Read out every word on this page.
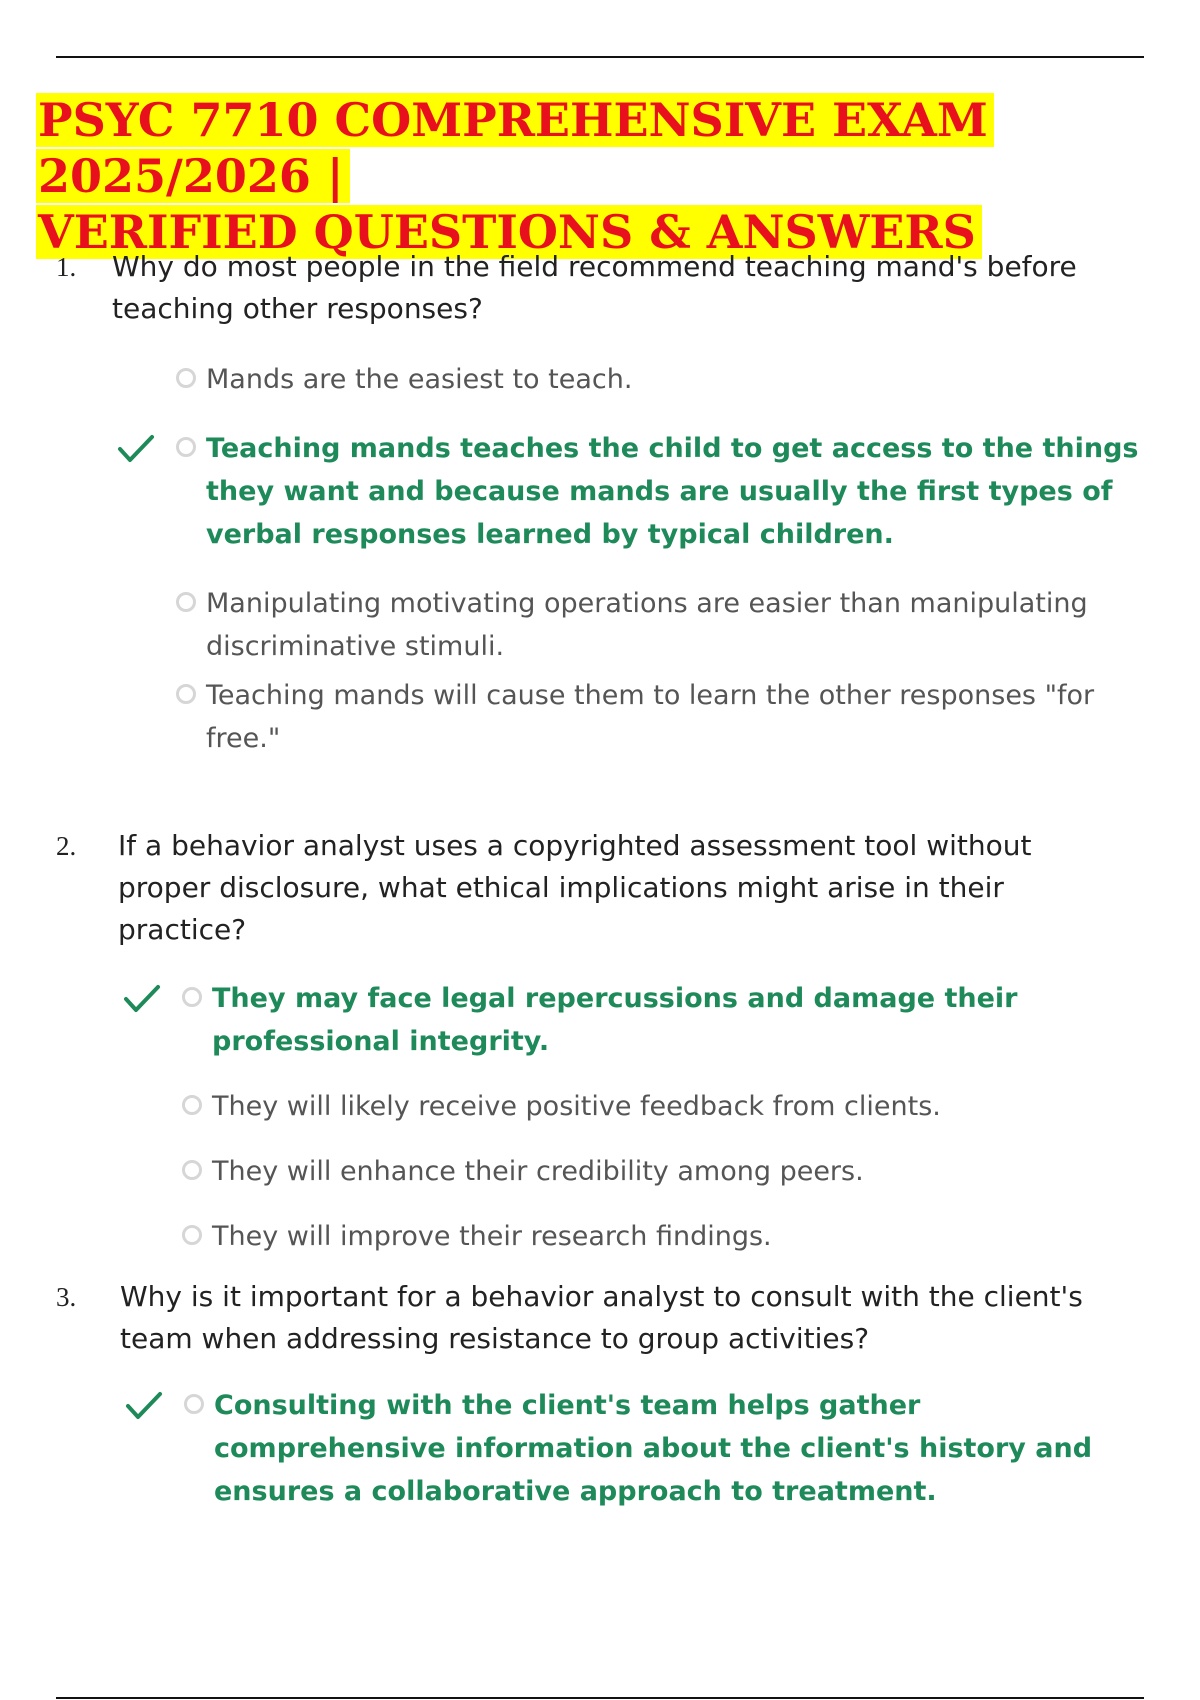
PSYC 7710 COMPREHENSIVE EXAM 2025/2026 |
VERIFIED QUESTIONS & ANSWERS
1.	Why do most people in the field recommend teaching mand's before teaching other responses?
Mands are the easiest to teach.
Teaching mands teaches the child to get access to the things they want and because mands are usually the first types of verbal responses learned by typical children.
Manipulating motivating operations are easier than manipulating discriminative stimuli.
Teaching mands will cause them to learn the other responses "for free."
2.	If a behavior analyst uses a copyrighted assessment tool without proper disclosure, what ethical implications might arise in their practice?
They may face legal repercussions and damage their professional integrity.
They will likely receive positive feedback from clients.
They will enhance their credibility among peers.
They will improve their research findings.
3.	Why is it important for a behavior analyst to consult with the client's team when addressing resistance to group activities?
Consulting with the client's team helps gather comprehensive information about the client's history and ensures a collaborative approach to treatment.
